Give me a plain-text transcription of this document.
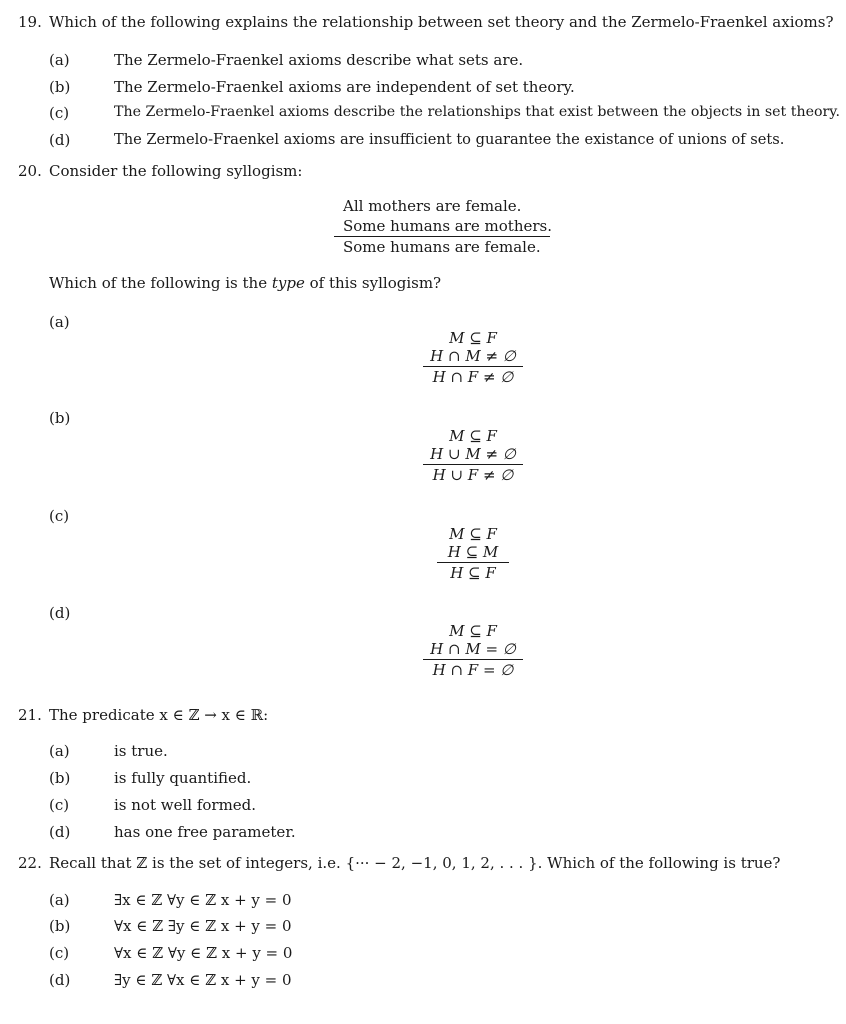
19. Which of the following explains the relationship between set theory and the Zermelo-Fraenkel axioms?
(a)	The Zermelo-Fraenkel axioms describe what sets are.
(b)	The Zermelo-Fraenkel axioms are independent of set theory.
(c)	The Zermelo-Fraenkel axioms describe the relationships that exist between the objects in set theory.
(d)	The Zermelo-Fraenkel axioms are insufficient to guarantee the existance of unions of sets.
20. Consider the following syllogism:
All mothers are female.
Some humans are mothers.
Some humans are female.
Which of the following is the type of this syllogism?
(a)
M ⊆ F
H ∩ M ≠ ∅
H ∩ F ≠ ∅
(b)
M ⊆ F
H ∪ M ≠ ∅
H ∪ F ≠ ∅
(c)
M ⊆ F
H ⊆ M
H ⊆ F
(d)
M ⊆ F
H ∩ M = ∅
H ∩ F = ∅
21. The predicate x ∈ ℤ → x ∈ ℝ:
(a)	is true.
(b)	is fully quantified.
(c)	is not well formed.
(d)	has one free parameter.
22. Recall that ℤ is the set of integers, i.e. {··· − 2, −1, 0, 1, 2, . . . }. Which of the following is true?
(a)	∃x ∈ ℤ ∀y ∈ ℤ x + y = 0
(b)	∀x ∈ ℤ ∃y ∈ ℤ x + y = 0
(c)	∀x ∈ ℤ ∀y ∈ ℤ x + y = 0
(d)	∃y ∈ ℤ ∀x ∈ ℤ x + y = 0
